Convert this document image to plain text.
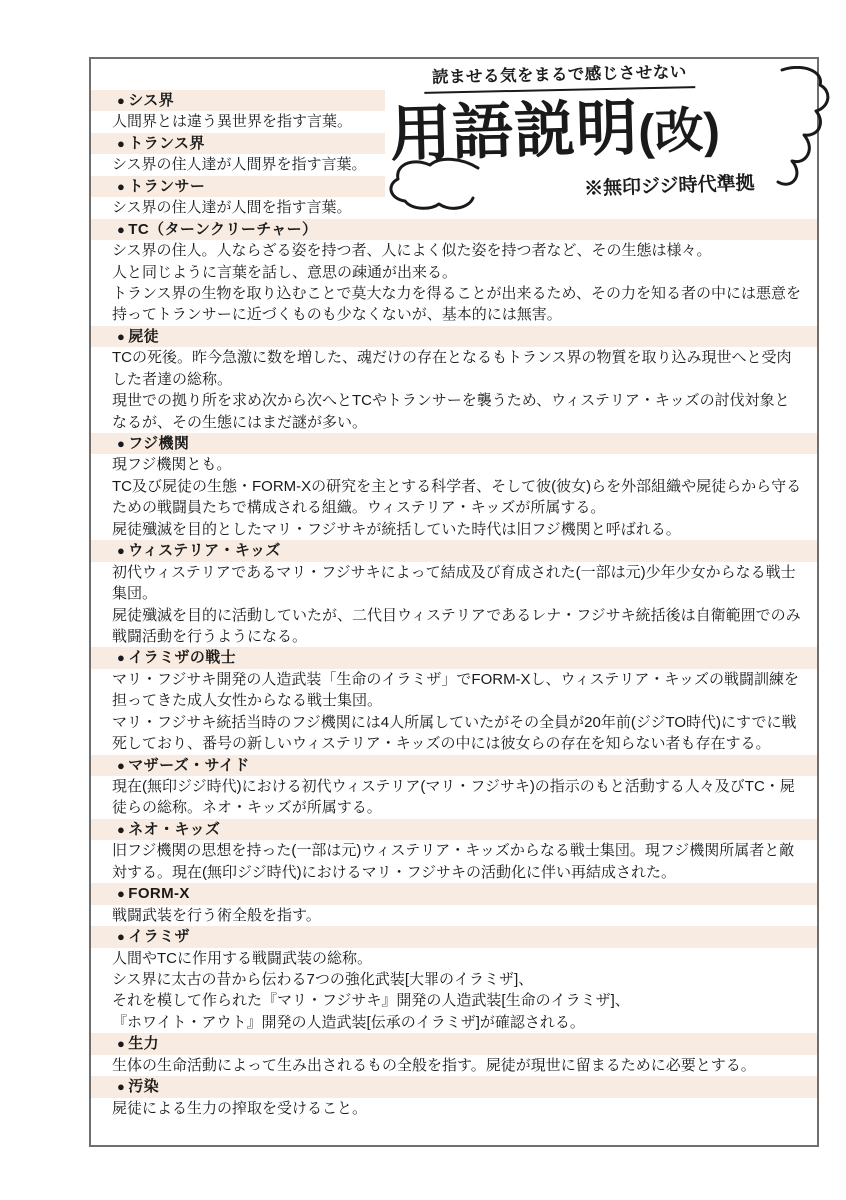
● シス界
人間界とは違う異世界を指す言葉。
● トランス界
シス界の住人達が人間界を指す言葉。
● トランサー
シス界の住人達が人間を指す言葉。
● TC（ターンクリーチャー）
シス界の住人。人ならざる姿を持つ者、人によく似た姿を持つ者など、その生態は様々。
人と同じように言葉を話し、意思の疎通が出来る。
トランス界の生物を取り込むことで莫大な力を得ることが出来るため、その力を知る者の中には悪意を
持ってトランサーに近づくものも少なくないが、基本的には無害。
● 屍徒
TCの死後。昨今急激に数を増した、魂だけの存在となるもトランス界の物質を取り込み現世へと受肉
した者達の総称。
現世での拠り所を求め次から次へとTCやトランサーを襲うため、ウィステリア・キッズの討伐対象と
なるが、その生態にはまだ謎が多い。
● フジ機関
現フジ機関とも。
TC及び屍徒の生態・FORM-Xの研究を主とする科学者、そして彼(彼女)らを外部組織や屍徒らから守る
ための戦闘員たちで構成される組織。ウィステリア・キッズが所属する。
屍徒殲滅を目的としたマリ・フジサキが統括していた時代は旧フジ機関と呼ばれる。
● ウィステリア・キッズ
初代ウィステリアであるマリ・フジサキによって結成及び育成された(一部は元)少年少女からなる戦士
集団。
屍徒殲滅を目的に活動していたが、二代目ウィステリアであるレナ・フジサキ統括後は自衛範囲でのみ
戦闘活動を行うようになる。
● イラミザの戦士
マリ・フジサキ開発の人造武装「生命のイラミザ」でFORM-Xし、ウィステリア・キッズの戦闘訓練を
担ってきた成人女性からなる戦士集団。
マリ・フジサキ統括当時のフジ機関には4人所属していたがその全員が20年前(ジジTO時代)にすでに戦
死しており、番号の新しいウィステリア・キッズの中には彼女らの存在を知らない者も存在する。
● マザーズ・サイド
現在(無印ジジ時代)における初代ウィステリア(マリ・フジサキ)の指示のもと活動する人々及びTC・屍
徒らの総称。ネオ・キッズが所属する。
● ネオ・キッズ
旧フジ機関の思想を持った(一部は元)ウィステリア・キッズからなる戦士集団。現フジ機関所属者と敵
対する。現在(無印ジジ時代)におけるマリ・フジサキの活動化に伴い再結成された。
● FORM-X
戦闘武装を行う術全般を指す。
● イラミザ
人間やTCに作用する戦闘武装の総称。
シス界に太古の昔から伝わる7つの強化武装[大罪のイラミザ]、
それを模して作られた『マリ・フジサキ』開発の人造武装[生命のイラミザ]、
『ホワイト・アウト』開発の人造武装[伝承のイラミザ]が確認される。
● 生力
生体の生命活動によって生み出されるもの全般を指す。屍徒が現世に留まるために必要とする。
● 汚染
屍徒による生力の搾取を受けること。
読ませる気をまるで感じさせない
用語説明(改)
※無印ジジ時代準拠
